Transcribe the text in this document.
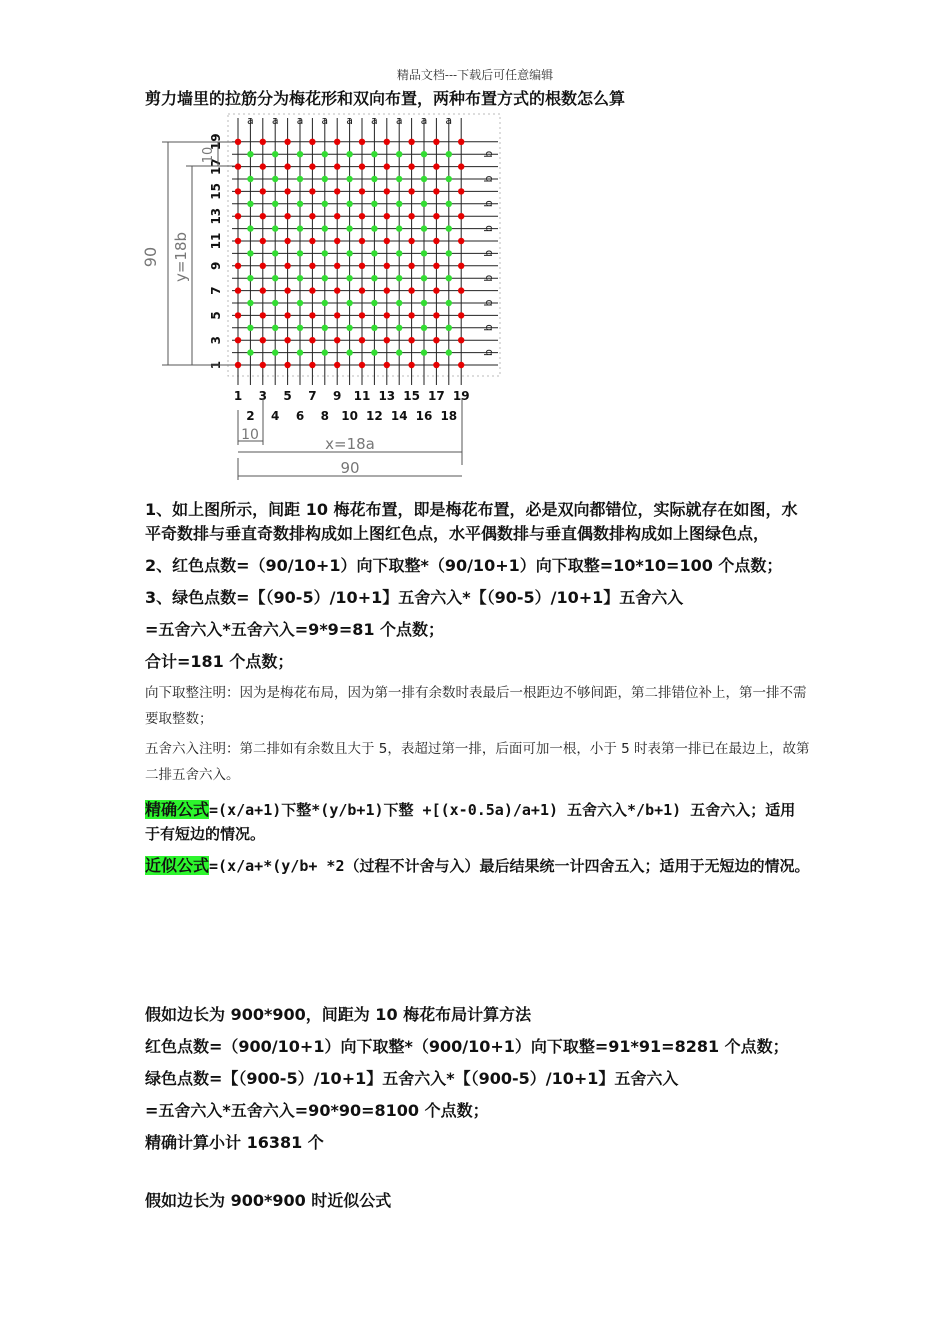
精品文档---下载后可任意编辑
剪力墙里的拉筋分为梅花形和双向布置，两种布置方式的根数怎么算
a a a a a a a a a
b
b
b
b
b
b
b
b
b
19
17
15
13
11
9
7
5
3
1
1 3 5 7 9 11 13 15 17 19
2 4 6 8 10 12 14 16 18
90 y=18b
10
10	x=18a
90

1、如上图所示，间距 10 梅花布置，即是梅花布置，必是双向都错位，实际就存在如图，水平奇数排与垂直奇数排构成如上图红色点，水平偶数排与垂直偶数排构成如上图绿色点，

2、红色点数=（90/10+1）向下取整*（90/10+1）向下取整=10*10=100 个点数；

3、绿色点数=【（90-5）/10+1】五舍六入*【（90-5）/10+1】五舍六入

=五舍六入*五舍六入=9*9=81 个点数；

合计=181 个点数；

向下取整注明：因为是梅花布局，因为第一排有余数时表最后一根距边不够间距，第二排错位补上，第一排不需要取整数；

五舍六入注明：第二排如有余数且大于 5，表超过第一排，后面可加一根，小于 5 时表第一排已在最边上，故第二排五舍六入。

精确公式=(x/a+1)下整*(y/b+1)下整 +[(x-0.5a)/a+1) 五舍六入*/b+1) 五舍六入；适用于有短边的情况。

近似公式=(x/a+*(y/b+ *2（过程不计舍与入）最后结果统一计四舍五入；适用于无短边的情况。

假如边长为 900*900，间距为 10 梅花布局计算方法

红色点数=（900/10+1）向下取整*（900/10+1）向下取整=91*91=8281 个点数；

绿色点数=【（900-5）/10+1】五舍六入*【（900-5）/10+1】五舍六入

=五舍六入*五舍六入=90*90=8100 个点数；

精确计算小计 16381 个

假如边长为 900*900 时近似公式
